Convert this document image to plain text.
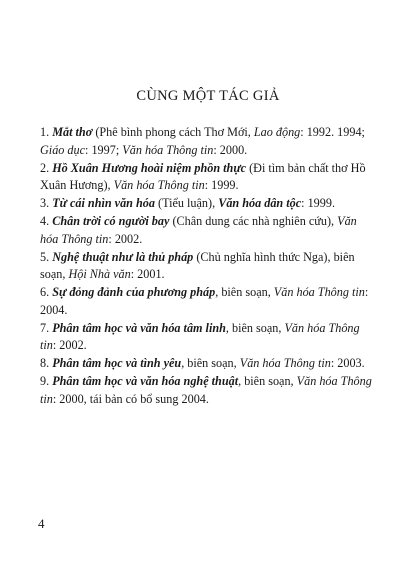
CÙNG MỘT TÁC GIẢ
1. Mắt thơ (Phê bình phong cách Thơ Mới, Lao động: 1992. 1994; Giáo dục: 1997; Văn hóa Thông tin: 2000.
2. Hồ Xuân Hương hoài niệm phồn thực (Đi tìm bản chất thơ Hồ Xuân Hương), Văn hóa Thông tin: 1999.
3. Từ cái nhìn văn hóa (Tiểu luận), Văn hóa dân tộc: 1999.
4. Chân trời có người bay (Chân dung các nhà nghiên cứu), Văn hóa Thông tin: 2002.
5. Nghệ thuật như là thủ pháp (Chủ nghĩa hình thức Nga), biên soạn, Hội Nhà văn: 2001.
6. Sự đỏng đảnh của phương pháp, biên soạn, Văn hóa Thông tin: 2004.
7. Phân tâm học và văn hóa tâm linh, biên soạn, Văn hóa Thông tin: 2002.
8. Phân tâm học và tình yêu, biên soạn, Văn hóa Thông tin: 2003.
9. Phân tâm học và văn hóa nghệ thuật, biên soạn, Văn hóa Thông tin: 2000, tái bản có bổ sung 2004.
4
